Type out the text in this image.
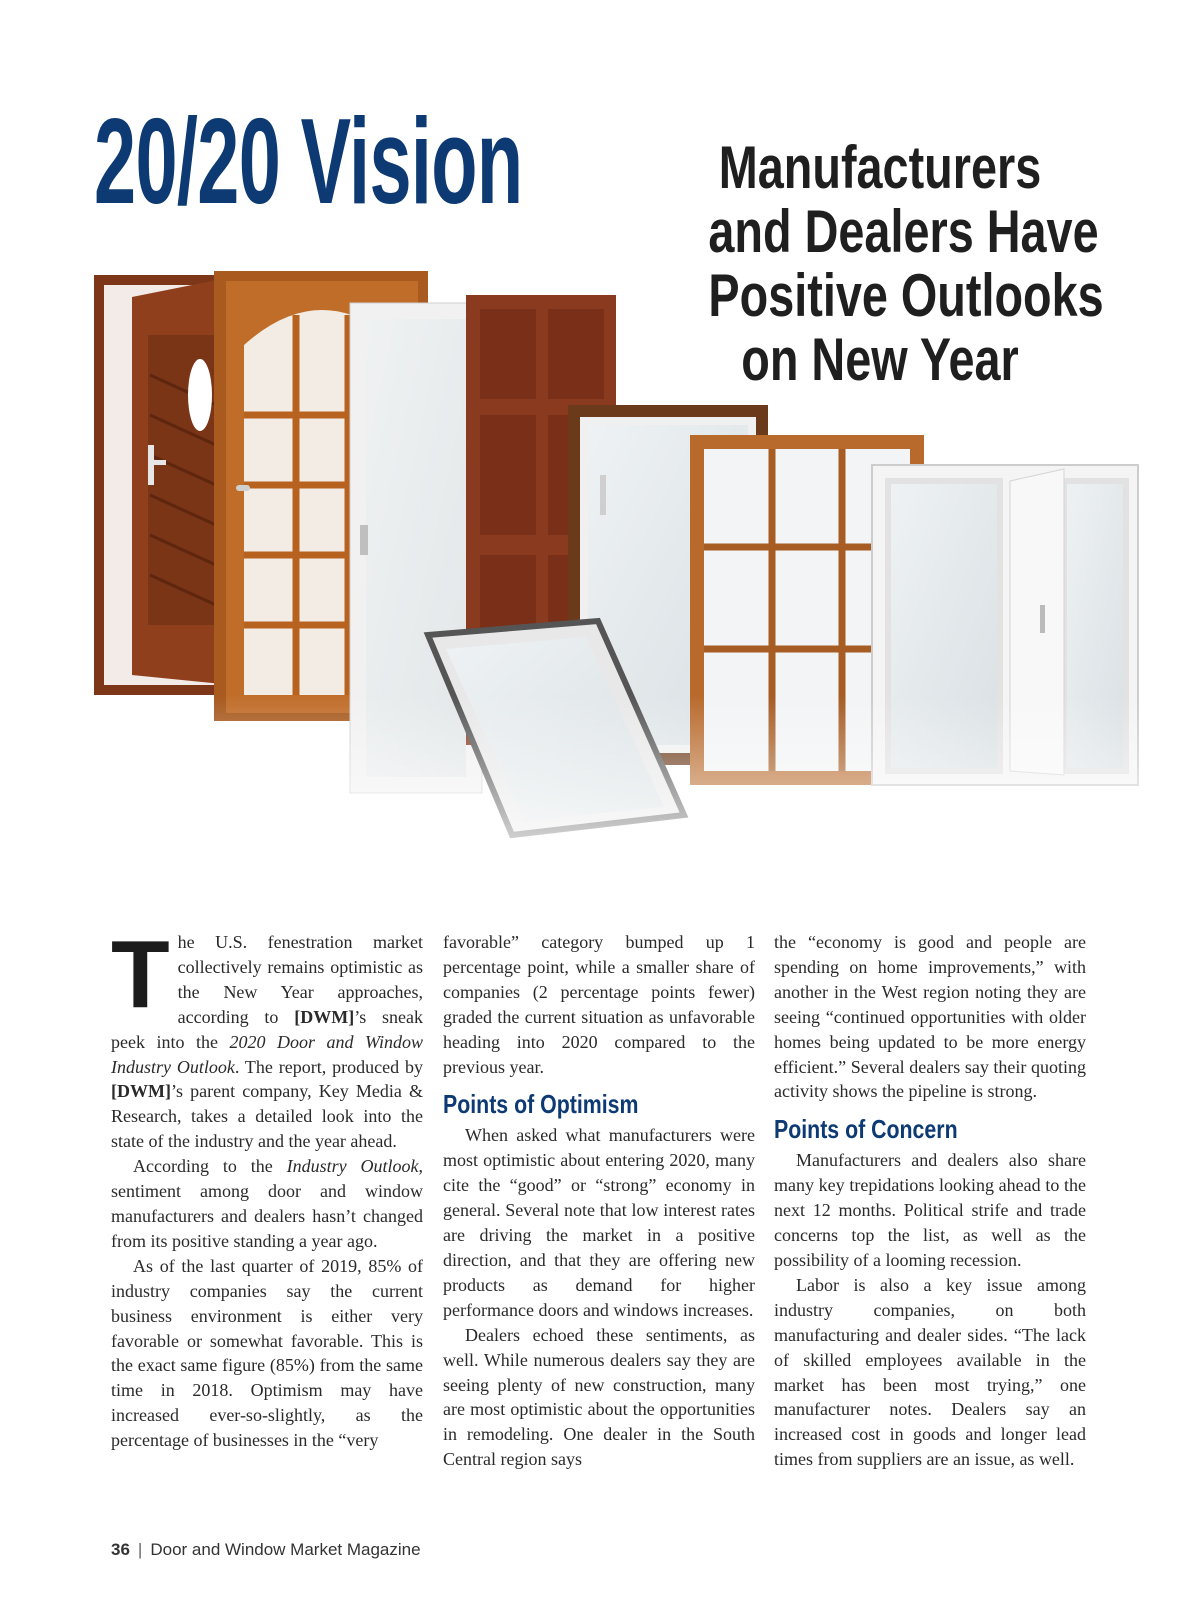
20/20 Vision	Manufacturers
and Dealers Have
Positive Outlooks
on New Year

The U.S. fenestration market collectively remains optimistic as the New Year approaches, according to [DWM]’s sneak peek into the 2020 Door and Window Industry Outlook. The report, produced by [DWM]’s parent company, Key Media & Research, takes a detailed look into the state of the industry and the year ahead.

According to the Industry Outlook, sentiment among door and window manufacturers and dealers hasn’t changed from its positive standing a year ago.

As of the last quarter of 2019, 85% of industry companies say the current business environment is either very favorable or somewhat favorable. This is the exact same figure (85%) from the same time in 2018. Optimism may have increased ever-so-slightly, as the percentage of businesses in the “very

favorable” category bumped up 1 percentage point, while a smaller share of companies (2 percentage points fewer) graded the current situation as unfavorable heading into 2020 compared to the previous year.

Points of Optimism

When asked what manufacturers were most optimistic about entering 2020, many cite the “good” or “strong” economy in general. Several note that low interest rates are driving the market in a positive direction, and that they are offering new products as demand for higher performance doors and windows increases.

Dealers echoed these sentiments, as well. While numerous dealers say they are seeing plenty of new construction, many are most optimistic about the opportunities in remodeling. One dealer in the South Central region says

the “economy is good and people are spending on home improvements,” with another in the West region noting they are seeing “continued opportunities with older homes being updated to be more energy efficient.” Several dealers say their quoting activity shows the pipeline is strong.

Points of Concern

Manufacturers and dealers also share many key trepidations looking ahead to the next 12 months. Political strife and trade concerns top the list, as well as the possibility of a looming recession.

Labor is also a key issue among industry companies, on both manufacturing and dealer sides. “The lack of skilled employees available in the market has been most trying,” one manufacturer notes. Dealers say an increased cost in goods and longer lead times from suppliers are an issue, as well.

36 | Door and Window Market Magazine
